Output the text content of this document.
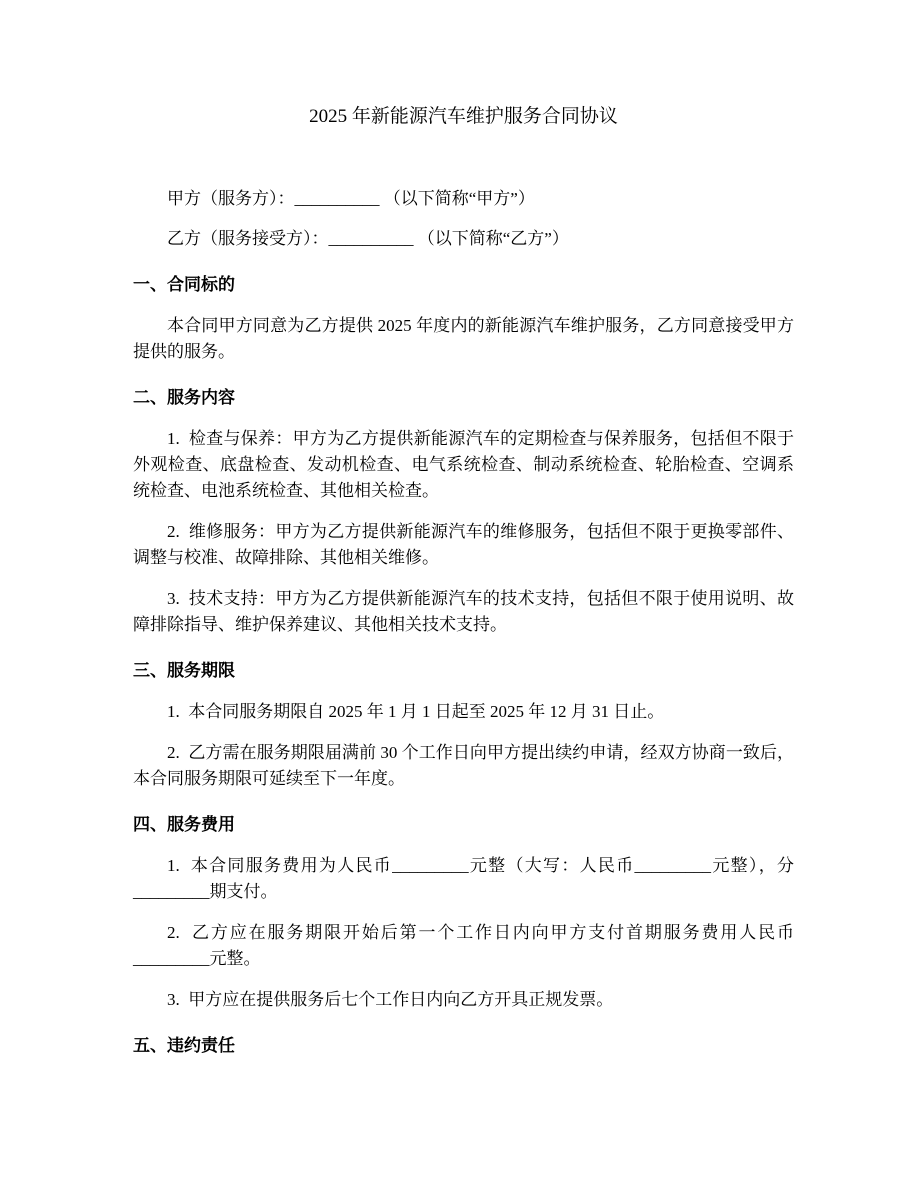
2025 年新能源汽车维护服务合同协议

甲方（服务方）：__________ （以下简称“甲方”）

乙方（服务接受方）：__________ （以下简称“乙方”）

一、合同标的

本合同甲方同意为乙方提供 2025 年度内的新能源汽车维护服务，乙方同意接受甲方提供的服务。

二、服务内容

1.  检查与保养：甲方为乙方提供新能源汽车的定期检查与保养服务，包括但不限于外观检查、底盘检查、发动机检查、电气系统检查、制动系统检查、轮胎检查、空调系统检查、电池系统检查、其他相关检查。

2.  维修服务：甲方为乙方提供新能源汽车的维修服务，包括但不限于更换零部件、调整与校准、故障排除、其他相关维修。

3.  技术支持：甲方为乙方提供新能源汽车的技术支持，包括但不限于使用说明、故障排除指导、维护保养建议、其他相关技术支持。

三、服务期限

1.  本合同服务期限自 2025 年 1 月 1 日起至 2025 年 12 月 31 日止。

2.  乙方需在服务期限届满前 30 个工作日向甲方提出续约申请，经双方协商一致后，本合同服务期限可延续至下一年度。

四、服务费用

1.  本合同服务费用为人民币_________元整（大写：人民币_________元整），分_________期支付。

2.  乙方应在服务期限开始后第一个工作日内向甲方支付首期服务费用人民币_________元整。

3.  甲方应在提供服务后七个工作日内向乙方开具正规发票。

五、违约责任
